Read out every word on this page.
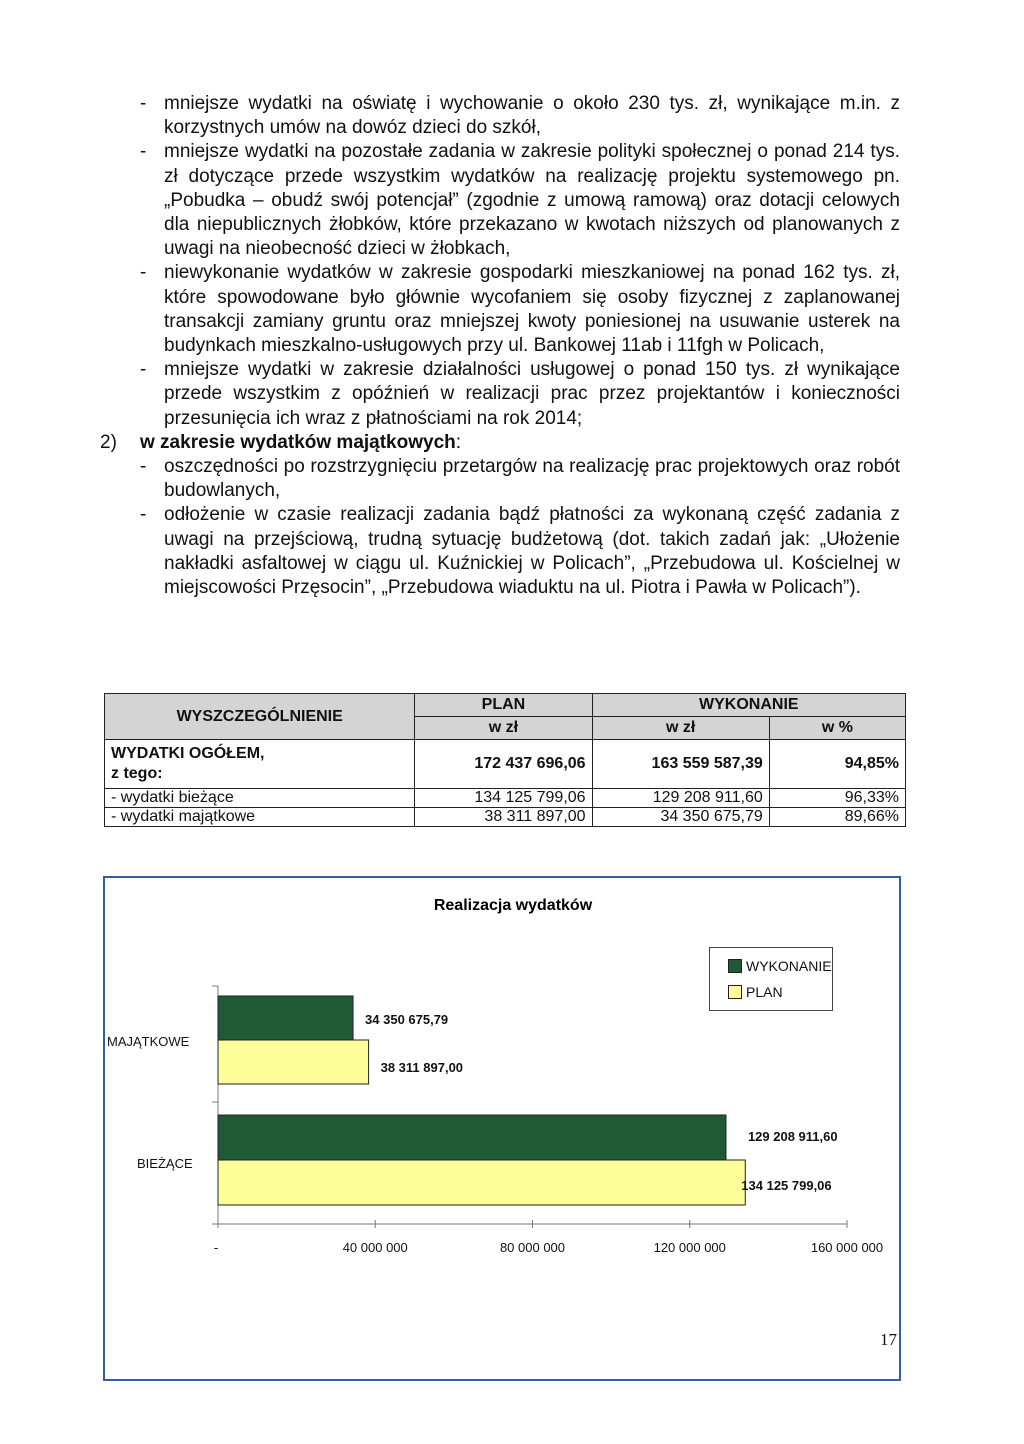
- mniejsze wydatki na oświatę i wychowanie o około 230 tys. zł, wynikające m.in. z korzystnych umów na dowóz dzieci do szkół,
- mniejsze wydatki na pozostałe zadania w zakresie polityki społecznej o ponad 214 tys. zł dotyczące przede wszystkim wydatków na realizację projektu systemowego pn. „Pobudka – obudź swój potencjał” (zgodnie z umową ramową) oraz dotacji celowych dla niepublicznych żłobków, które przekazano w kwotach niższych od planowanych z uwagi na nieobecność dzieci w żłobkach,
- niewykonanie wydatków w zakresie gospodarki mieszkaniowej na ponad 162 tys. zł, które spowodowane było głównie wycofaniem się osoby fizycznej z zaplanowanej transakcji zamiany gruntu oraz mniejszej kwoty poniesionej na usuwanie usterek na budynkach mieszkalno-usługowych przy ul. Bankowej 11ab i 11fgh w Policach,
- mniejsze wydatki w zakresie działalności usługowej o ponad 150 tys. zł wynikające przede wszystkim z opóźnień w realizacji prac przez projektantów i konieczności przesunięcia ich wraz z płatnościami na rok 2014;
2) w zakresie wydatków majątkowych:
- oszczędności po rozstrzygnięciu przetargów na realizację prac projektowych oraz robót budowlanych,
- odłożenie w czasie realizacji zadania bądź płatności za wykonaną część zadania z uwagi na przejściową, trudną sytuację budżetową (dot. takich zadań jak: „Ułożenie nakładki asfaltowej w ciągu ul. Kuźnickiej w Policach”, „Przebudowa ul. Kościelnej w miejscowości Przęsocin”, „Przebudowa wiaduktu na ul. Piotra i Pawła w Policach”).
WYSZCZEGÓLNIENIE	PLAN	WYKONANIE	
	w zł	w zł	w %

WYDATKI OGÓŁEM,
z tego:	172 437 696,06	163 559 587,39	94,85%
- wydatki bieżące	134 125 799,06	129 208 911,60	96,33%
- wydatki majątkowe	38 311 897,00	34 350 675,79	89,66%
Realizacja wydatków
-	40 000 000	80 000 000	120 000 000	160 000 000
34 350 675,79
38 311 897,00
MAJĄTKOWE
129 208 911,60
134 125 799,06
BIEŻĄCE
WYKONANIE
PLAN
17
